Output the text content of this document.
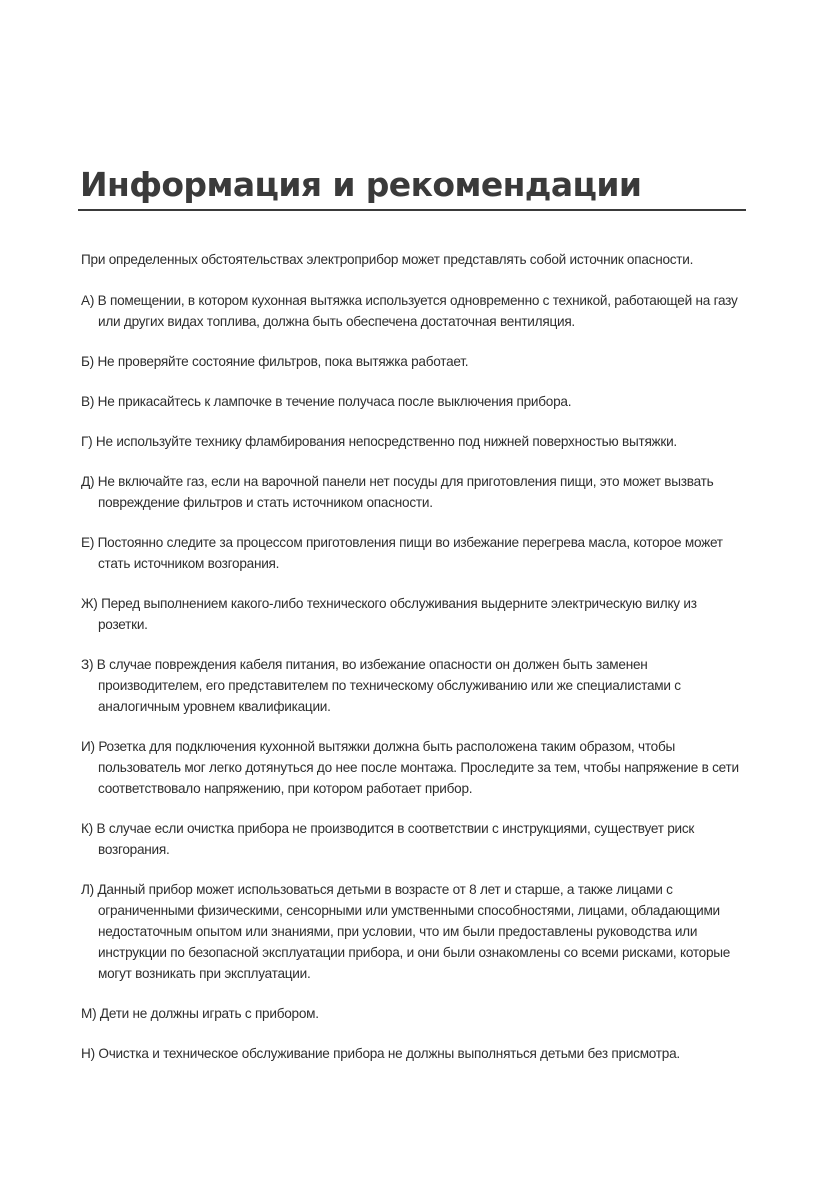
Информация и рекомендации

При определенных обстоятельствах электроприбор может представлять собой источник опасности.

А) В помещении, в котором кухонная вытяжка используется одновременно с техникой, работающей на газу или других видах топлива, должна быть обеспечена достаточная вентиляция.

Б) Не проверяйте состояние фильтров, пока вытяжка работает.

В) Не прикасайтесь к лампочке в течение получаса после выключения прибора.

Г) Не используйте технику фламбирования непосредственно под нижней поверхностью вытяжки.

Д) Не включайте газ, если на варочной панели нет посуды для приготовления пищи, это может вызвать повреждение фильтров и стать источником опасности.

Е) Постоянно следите за процессом приготовления пищи во избежание перегрева масла, которое может стать источником возгорания.

Ж) Перед выполнением какого-либо технического обслуживания выдерните электрическую вилку из розетки.

З) В случае повреждения кабеля питания, во избежание опасности он должен быть заменен производителем, его представителем по техническому обслуживанию или же специалистами с аналогичным уровнем квалификации.

И) Розетка для подключения кухонной вытяжки должна быть расположена таким образом, чтобы пользователь мог легко дотянуться до нее после монтажа. Проследите за тем, чтобы напряжение в сети соответствовало напряжению, при котором работает прибор.

К) В случае если очистка прибора не производится в соответствии с инструкциями, существует риск возгорания.

Л) Данный прибор может использоваться детьми в возрасте от 8 лет и старше, а также лицами с ограниченными физическими, сенсорными или умственными способностями, лицами, обладающими недостаточным опытом или знаниями, при условии, что им были предоставлены руководства или инструкции по безопасной эксплуатации прибора, и они были ознакомлены со всеми рисками, которые могут возникать при эксплуатации.

М) Дети не должны играть с прибором.

Н) Очистка и техническое обслуживание прибора не должны выполняться детьми без присмотра.
